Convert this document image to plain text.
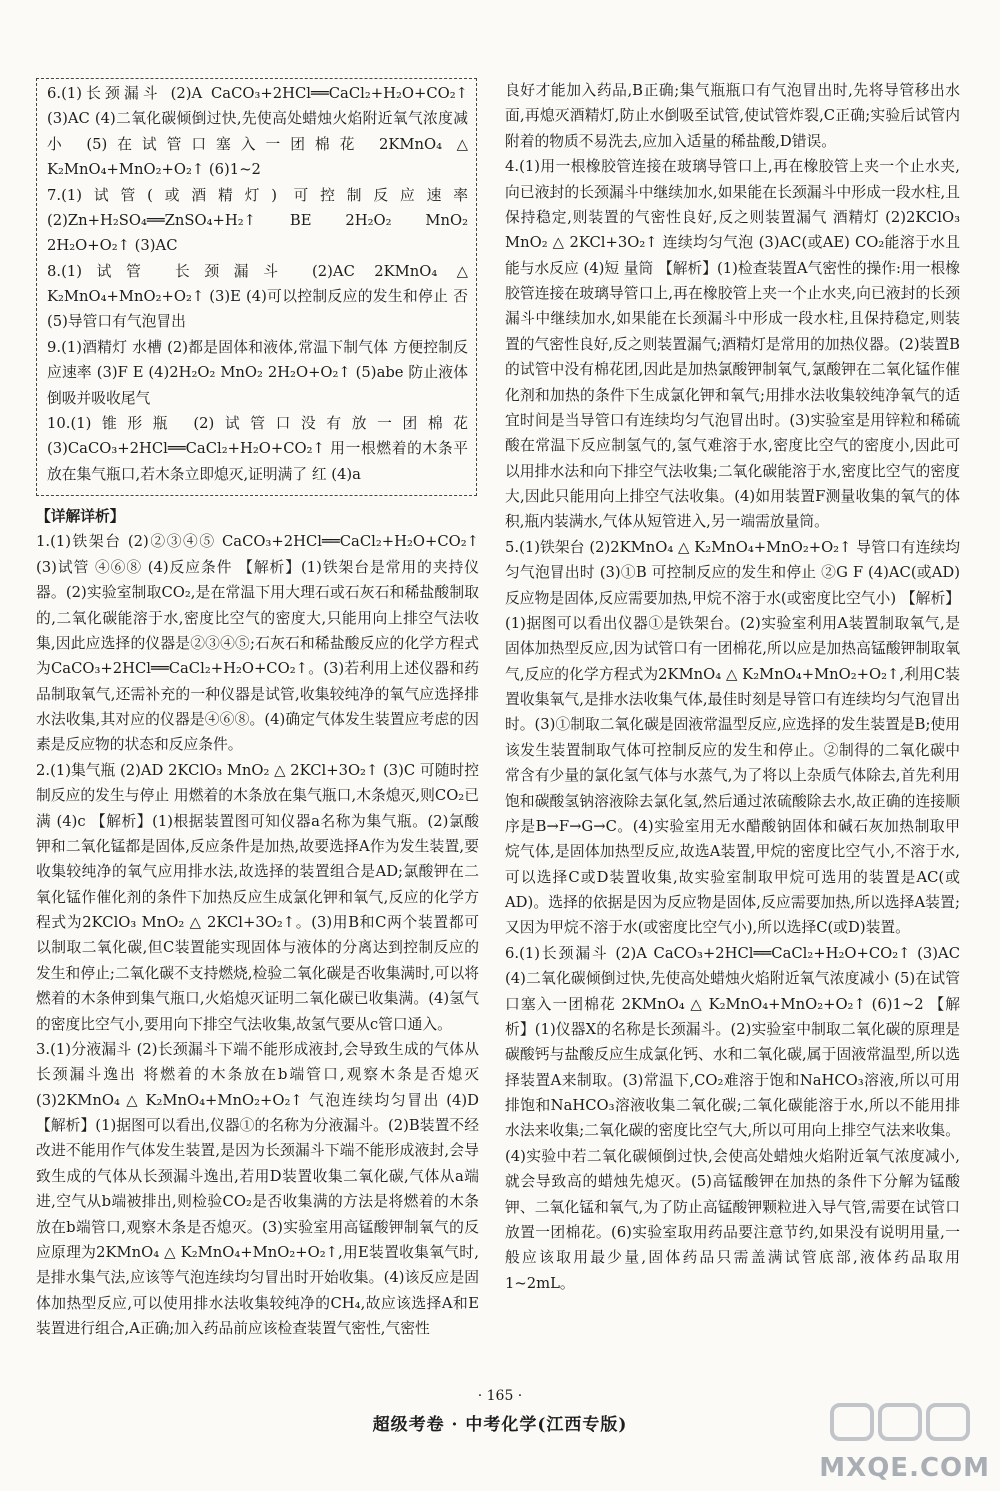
6.(1)长颈漏斗 (2)A CaCO₃+2HCl══CaCl₂+H₂O+CO₂↑ (3)AC (4)二氧化碳倾倒过快,先使高处蜡烛火焰附近氧气浓度减小 (5)在试管口塞入一团棉花 2KMnO₄ △ K₂MnO₄+MnO₂+O₂↑ (6)1~2
7.(1)试管(或酒精灯) 可控制反应速率 (2)Zn+H₂SO₄══ZnSO₄+H₂↑ BE 2H₂O₂ MnO₂ 2H₂O+O₂↑ (3)AC
8.(1)试管 长颈漏斗 (2)AC 2KMnO₄ △ K₂MnO₄+MnO₂+O₂↑ (3)E (4)可以控制反应的发生和停止 否 (5)导管口有气泡冒出
9.(1)酒精灯 水槽 (2)都是固体和液体,常温下制气体 方便控制反应速率 (3)F E (4)2H₂O₂ MnO₂ 2H₂O+O₂↑ (5)abe 防止液体倒吸并吸收尾气
10.(1)锥形瓶 (2)试管口没有放一团棉花 (3)CaCO₃+2HCl══CaCl₂+H₂O+CO₂↑ 用一根燃着的木条平放在集气瓶口,若木条立即熄灭,证明满了 红 (4)a
【详解详析】
1.(1)铁架台 (2)②③④⑤ CaCO₃+2HCl══CaCl₂+H₂O+CO₂↑ (3)试管 ④⑥⑧ (4)反应条件 【解析】(1)铁架台是常用的夹持仪器。(2)实验室制取CO₂,是在常温下用大理石或石灰石和稀盐酸制取的,二氧化碳能溶于水,密度比空气的密度大,只能用向上排空气法收集,因此应选择的仪器是②③④⑤;石灰石和稀盐酸反应的化学方程式为CaCO₃+2HCl══CaCl₂+H₂O+CO₂↑。(3)若利用上述仪器和药品制取氧气,还需补充的一种仪器是试管,收集较纯净的氧气应选择排水法收集,其对应的仪器是④⑥⑧。(4)确定气体发生装置应考虑的因素是反应物的状态和反应条件。
2.(1)集气瓶 (2)AD 2KClO₃ MnO₂ △ 2KCl+3O₂↑ (3)C 可随时控制反应的发生与停止 用燃着的木条放在集气瓶口,木条熄灭,则CO₂已满 (4)c 【解析】(1)根据装置图可知仪器a名称为集气瓶。(2)氯酸钾和二氧化锰都是固体,反应条件是加热,故要选择A作为发生装置,要收集较纯净的氧气应用排水法,故选择的装置组合是AD;氯酸钾在二氧化锰作催化剂的条件下加热反应生成氯化钾和氧气,反应的化学方程式为2KClO₃ MnO₂ △ 2KCl+3O₂↑。(3)用B和C两个装置都可以制取二氧化碳,但C装置能实现固体与液体的分离达到控制反应的发生和停止;二氧化碳不支持燃烧,检验二氧化碳是否收集满时,可以将燃着的木条伸到集气瓶口,火焰熄灭证明二氧化碳已收集满。(4)氢气的密度比空气小,要用向下排空气法收集,故氢气要从c管口通入。
3.(1)分液漏斗 (2)长颈漏斗下端不能形成液封,会导致生成的气体从长颈漏斗逸出 将燃着的木条放在b端管口,观察木条是否熄灭 (3)2KMnO₄ △ K₂MnO₄+MnO₂+O₂↑ 气泡连续均匀冒出 (4)D 【解析】(1)据图可以看出,仪器①的名称为分液漏斗。(2)B装置不经改进不能用作气体发生装置,是因为长颈漏斗下端不能形成液封,会导致生成的气体从长颈漏斗逸出,若用D装置收集二氧化碳,气体从a端进,空气从b端被排出,则检验CO₂是否收集满的方法是将燃着的木条放在b端管口,观察木条是否熄灭。(3)实验室用高锰酸钾制氧气的反应原理为2KMnO₄ △ K₂MnO₄+MnO₂+O₂↑,用E装置收集氧气时,是排水集气法,应该等气泡连续均匀冒出时开始收集。(4)该反应是固体加热型反应,可以使用排水法收集较纯净的CH₄,故应该选择A和E装置进行组合,A正确;加入药品前应该检查装置气密性,气密性
良好才能加入药品,B正确;集气瓶瓶口有气泡冒出时,先将导管移出水面,再熄灭酒精灯,防止水倒吸至试管,使试管炸裂,C正确;实验后试管内附着的物质不易洗去,应加入适量的稀盐酸,D错误。
4.(1)用一根橡胶管连接在玻璃导管口上,再在橡胶管上夹一个止水夹,向已液封的长颈漏斗中继续加水,如果能在长颈漏斗中形成一段水柱,且保持稳定,则装置的气密性良好,反之则装置漏气 酒精灯 (2)2KClO₃ MnO₂ △ 2KCl+3O₂↑ 连续均匀气泡 (3)AC(或AE) CO₂能溶于水且能与水反应 (4)短 量筒 【解析】(1)检查装置A气密性的操作:用一根橡胶管连接在玻璃导管口上,再在橡胶管上夹一个止水夹,向已液封的长颈漏斗中继续加水,如果能在长颈漏斗中形成一段水柱,且保持稳定,则装置的气密性良好,反之则装置漏气;酒精灯是常用的加热仪器。(2)装置B的试管中没有棉花团,因此是加热氯酸钾制氧气,氯酸钾在二氧化锰作催化剂和加热的条件下生成氯化钾和氧气;用排水法收集较纯净氧气的适宜时间是当导管口有连续均匀气泡冒出时。(3)实验室是用锌粒和稀硫酸在常温下反应制氢气的,氢气难溶于水,密度比空气的密度小,因此可以用排水法和向下排空气法收集;二氧化碳能溶于水,密度比空气的密度大,因此只能用向上排空气法收集。(4)如用装置F测量收集的氧气的体积,瓶内装满水,气体从短管进入,另一端需放量筒。
5.(1)铁架台 (2)2KMnO₄ △ K₂MnO₄+MnO₂+O₂↑ 导管口有连续均匀气泡冒出时 (3)①B 可控制反应的发生和停止 ②G F (4)AC(或AD) 反应物是固体,反应需要加热,甲烷不溶于水(或密度比空气小) 【解析】(1)据图可以看出仪器①是铁架台。(2)实验室利用A装置制取氧气,是固体加热型反应,因为试管口有一团棉花,所以应是加热高锰酸钾制取氧气,反应的化学方程式为2KMnO₄ △ K₂MnO₄+MnO₂+O₂↑,利用C装置收集氧气,是排水法收集气体,最佳时刻是导管口有连续均匀气泡冒出时。(3)①制取二氧化碳是固液常温型反应,应选择的发生装置是B;使用该发生装置制取气体可控制反应的发生和停止。②制得的二氧化碳中常含有少量的氯化氢气体与水蒸气,为了将以上杂质气体除去,首先利用饱和碳酸氢钠溶液除去氯化氢,然后通过浓硫酸除去水,故正确的连接顺序是B→F→G→C。(4)实验室用无水醋酸钠固体和碱石灰加热制取甲烷气体,是固体加热型反应,故选A装置,甲烷的密度比空气小,不溶于水,可以选择C或D装置收集,故实验室制取甲烷可选用的装置是AC(或AD)。选择的依据是因为反应物是固体,反应需要加热,所以选择A装置;又因为甲烷不溶于水(或密度比空气小),所以选择C(或D)装置。
6.(1)长颈漏斗 (2)A CaCO₃+2HCl══CaCl₂+H₂O+CO₂↑ (3)AC (4)二氧化碳倾倒过快,先使高处蜡烛火焰附近氧气浓度减小 (5)在试管口塞入一团棉花 2KMnO₄ △ K₂MnO₄+MnO₂+O₂↑ (6)1~2 【解析】(1)仪器X的名称是长颈漏斗。(2)实验室中制取二氧化碳的原理是碳酸钙与盐酸反应生成氯化钙、水和二氧化碳,属于固液常温型,所以选择装置A来制取。(3)常温下,CO₂难溶于饱和NaHCO₃溶液,所以可用排饱和NaHCO₃溶液收集二氧化碳;二氧化碳能溶于水,所以不能用排水法来收集;二氧化碳的密度比空气大,所以可用向上排空气法来收集。(4)实验中若二氧化碳倾倒过快,会使高处蜡烛火焰附近氧气浓度减小,就会导致高的蜡烛先熄灭。(5)高锰酸钾在加热的条件下分解为锰酸钾、二氧化锰和氧气,为了防止高锰酸钾颗粒进入导气管,需要在试管口放置一团棉花。(6)实验室取用药品要注意节约,如果没有说明用量,一般应该取用最少量,固体药品只需盖满试管底部,液体药品取用1~2mL。
· 165 ·
超级考卷 · 中考化学(江西专版)
MXQE.COM
